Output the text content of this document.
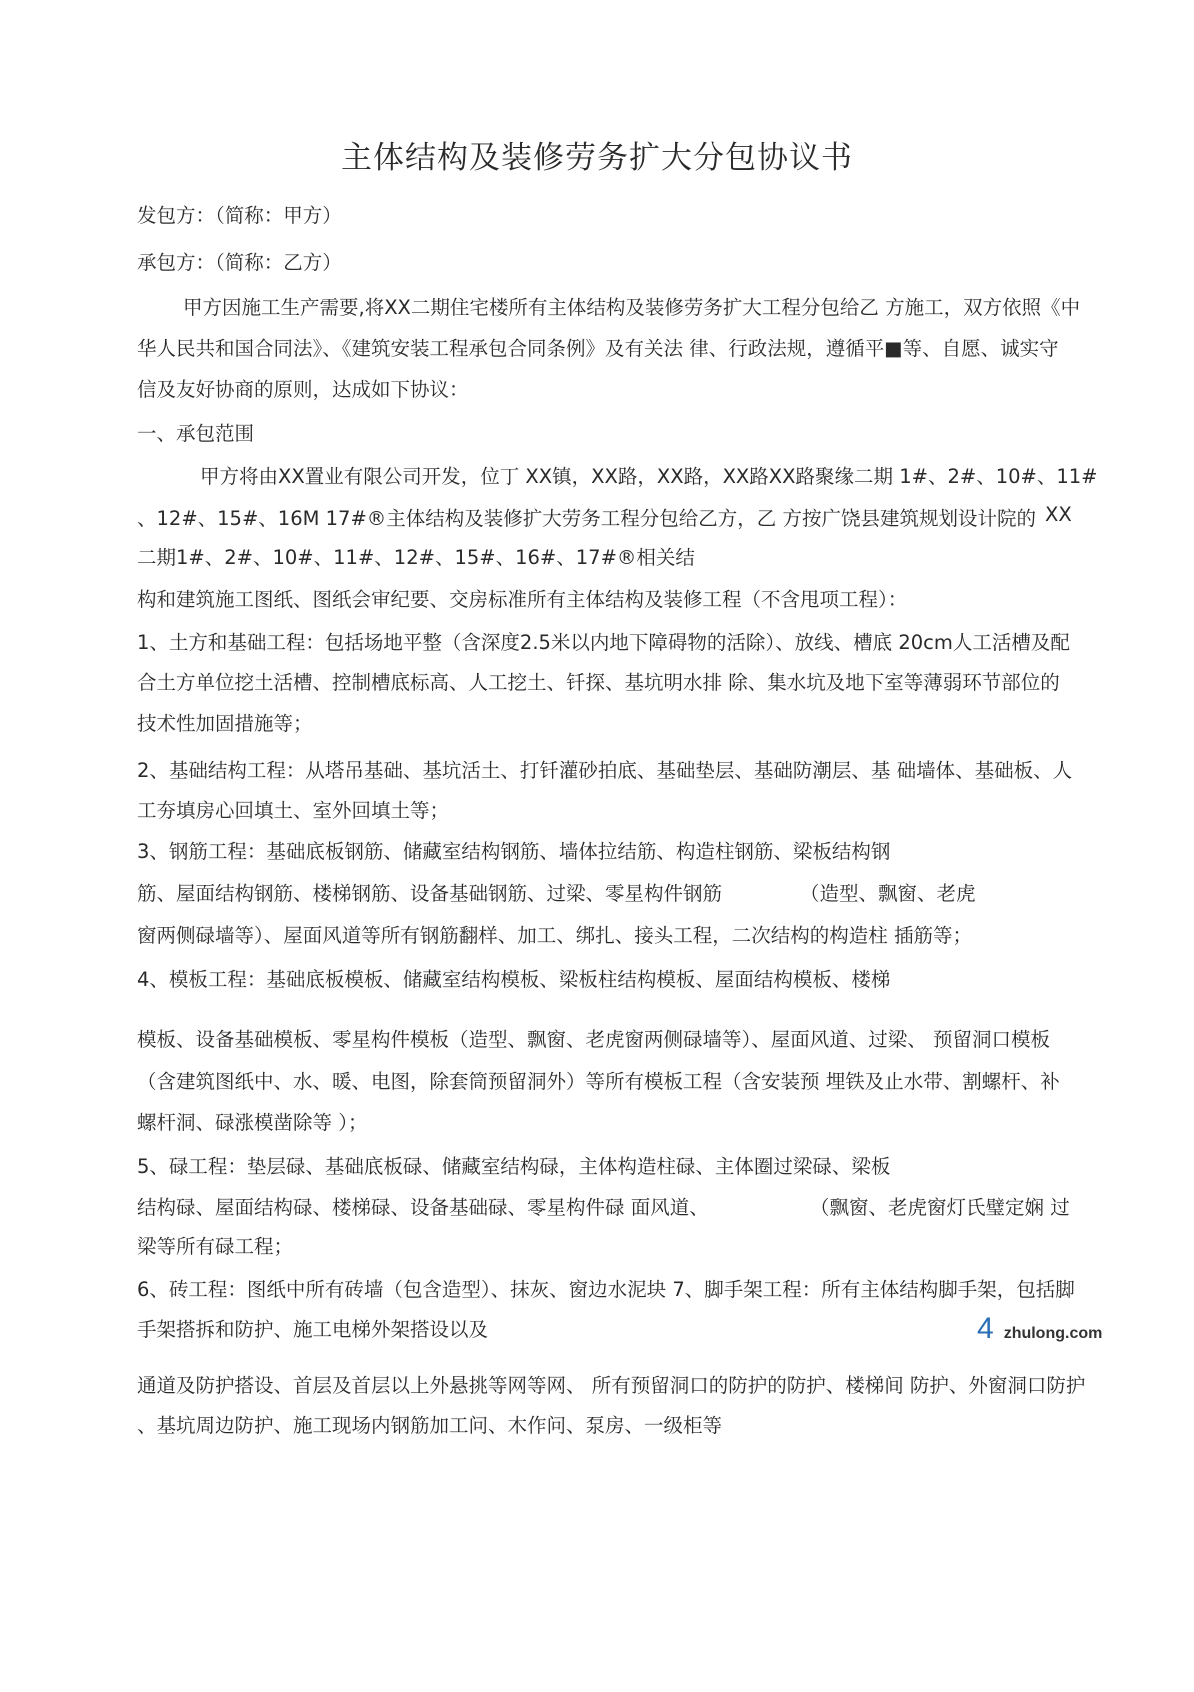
主体结构及装修劳务扩大分包协议书
发包方：（简称：甲方）
承包方：（简称：乙方）
甲方因施工生产需要,将XX二期住宅楼所有主体结构及装修劳务扩大工程分包给乙 方施工，双方依照《中
华人民共和国合同法》、《建筑安装工程承包合同条例》及有关法 律、行政法规，遵循平■等、自愿、诚实守
信及友好协商的原则，达成如下协议：
一、承包范围
甲方将由XX置业有限公司开发，位丁 XX镇，XX路，XX路，XX路XX路聚缘二期 1#、2#、10#、11#
、12#、15#、16M 17#®主体结构及装修扩大劳务工程分包给乙方，乙 方按广饶县建筑规划设计院的 XX
二期1#、2#、10#、11#、12#、15#、16#、17#®相关结
构和建筑施工图纸、图纸会审纪要、交房标准所有主体结构及装修工程（不含甩项工程）：
1、土方和基础工程：包括场地平整（含深度2.5米以内地下障碍物的活除）、放线、槽底 20cm人工活槽及配
合土方单位挖土活槽、控制槽底标高、人工挖土、钎探、基坑明水排 除、集水坑及地下室等薄弱环节部位的
技术性加固措施等；
2、基础结构工程：从塔吊基础、基坑活土、打钎灌砂拍底、基础垫层、基础防潮层、基 础墙体、基础板、人
工夯填房心回填土、室外回填土等；
3、钢筋工程：基础底板钢筋、储藏室结构钢筋、墙体拉结筋、构造柱钢筋、梁板结构钢
筋、屋面结构钢筋、楼梯钢筋、设备基础钢筋、过梁、零星构件钢筋	（造型、飘窗、老虎
窗两侧碌墙等）、屋面风道等所有钢筋翻样、加工、绑扎、接头工程，二次结构的构造柱 插筋等；
4、模板工程：基础底板模板、储藏室结构模板、梁板柱结构模板、屋面结构模板、楼梯
模板、设备基础模板、零星构件模板（造型、飘窗、老虎窗两侧碌墙等）、屋面风道、过梁、 预留洞口模板
（含建筑图纸中、水、暖、电图，除套筒预留洞外）等所有模板工程（含安装预 埋铁及止水带、割螺杆、补
螺杆洞、碌涨模凿除等 ）；
5、碌工程：垫层碌、基础底板碌、储藏室结构碌，主体构造柱碌、主体圈过梁碌、梁板
结构碌、屋面结构碌、楼梯碌、设备基础碌、零星构件碌 面风道、	（飘窗、老虎窗灯氏璧定娴 过
梁等所有碌工程；
4 zhulong.com
6、砖工程：图纸中所有砖墙（包含造型）、抹灰、窗边水泥块 7、脚手架工程：所有主体结构脚手架，包括脚
手架搭拆和防护、施工电梯外架搭设以及
通道及防护搭设、首层及首层以上外悬挑等网等网、 所有预留洞口的防护的防护、楼梯间 防护、外窗洞口防护
、基坑周边防护、施工现场内钢筋加工问、木作问、泵房、一级柜等
